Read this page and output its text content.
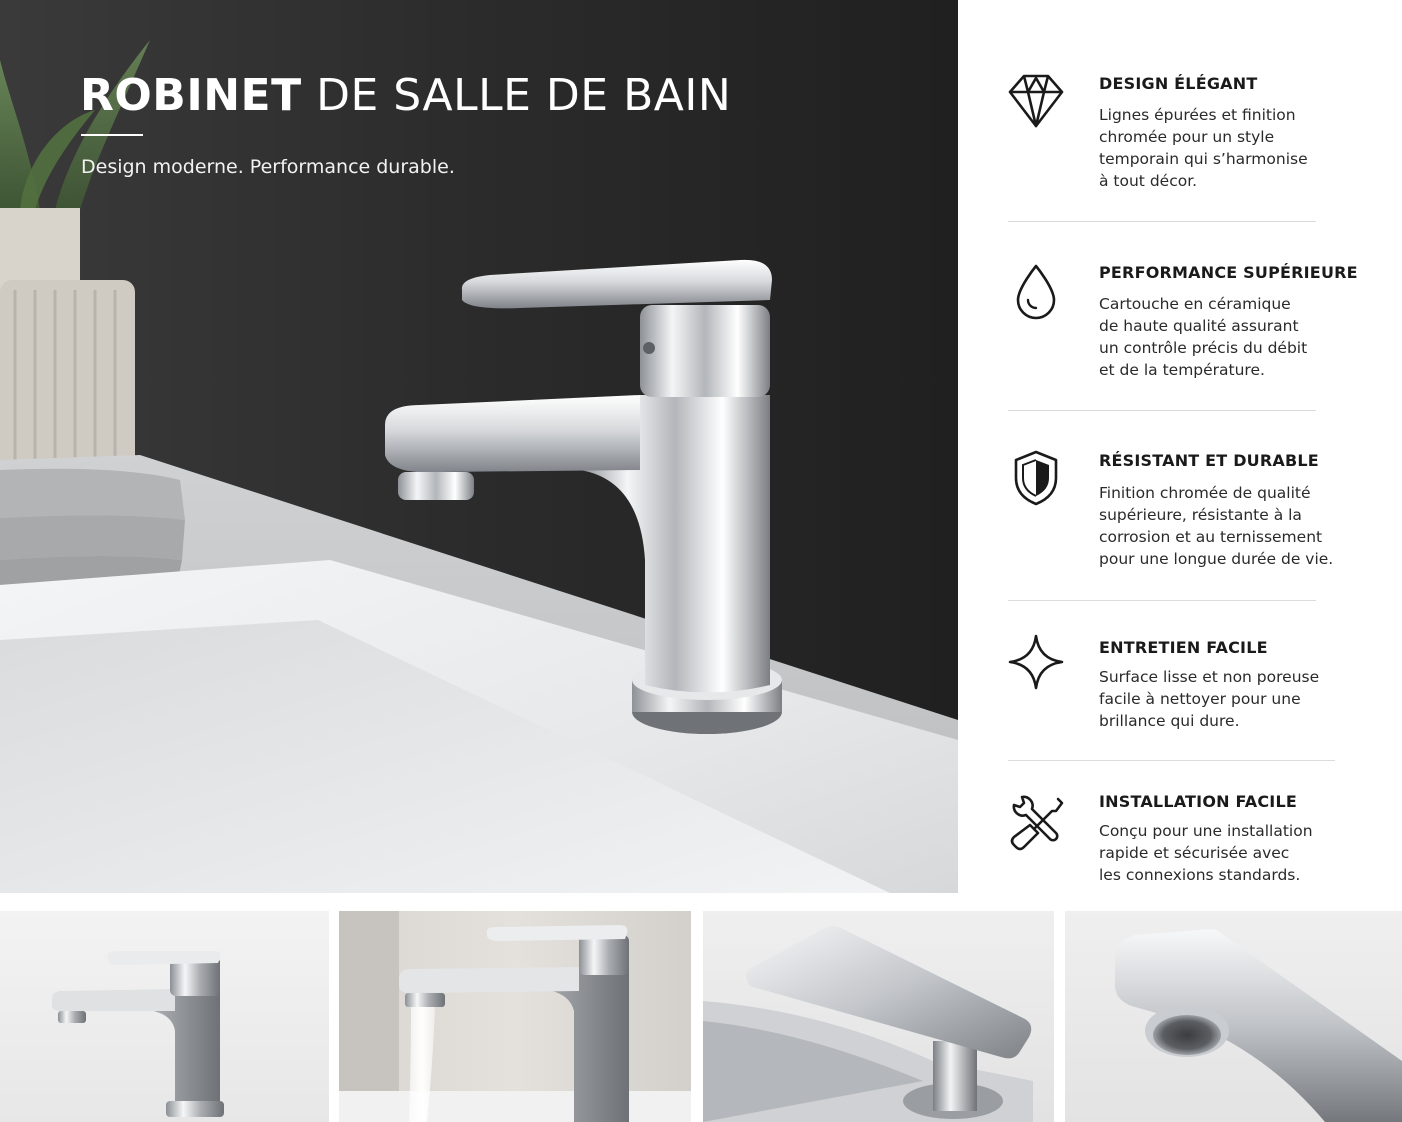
ROBINET DE SALLE DE BAIN
Design moderne. Performance durable.
DESIGN ÉLÉGANT
Lignes épurées et finition
chromée pour un style
temporain qui s’harmonise
à tout décor.
PERFORMANCE SUPÉRIEURE
Cartouche en céramique
de haute qualité assurant
un contrôle précis du débit
et de la température.
RÉSISTANT ET DURABLE
Finition chromée de qualité
supérieure, résistante à la
corrosion et au ternissement
pour une longue durée de vie.
ENTRETIEN FACILE
Surface lisse et non poreuse
facile à nettoyer pour une
brillance qui dure.
INSTALLATION FACILE
Conçu pour une installation
rapide et sécurisée avec
les connexions standards.
